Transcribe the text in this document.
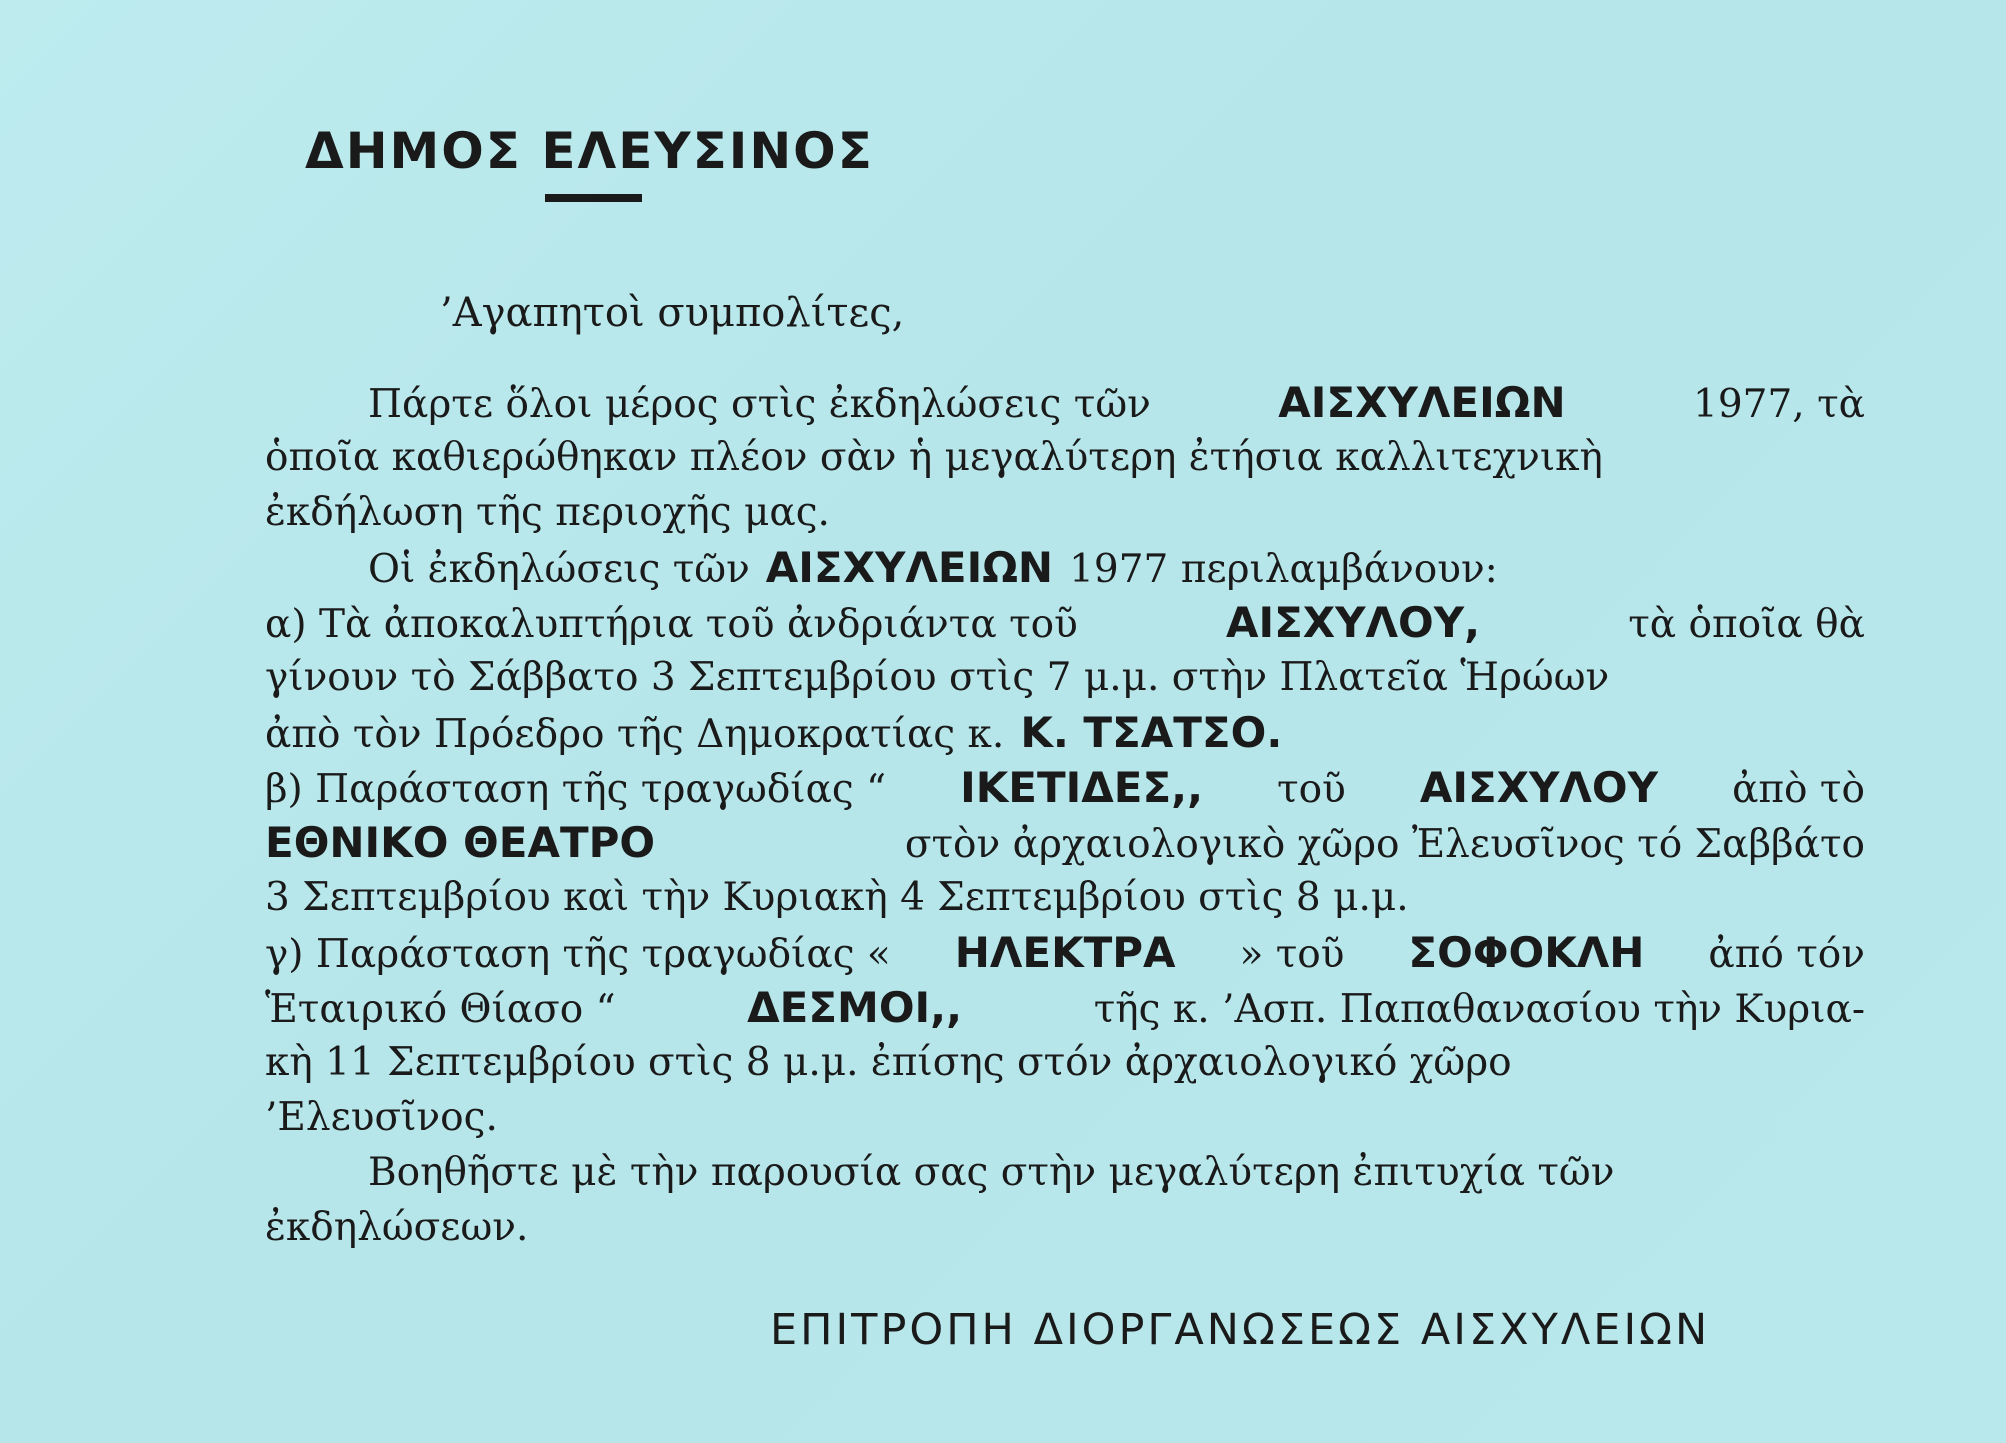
ΔΗΜΟΣ ΕΛΕΥΣΙΝΟΣ
’Αγαπητοὶ συμπολίτες,
Πάρτε ὅλοι μέρος στὶς ἐκδηλώσεις τῶν	ΑΙΣΧΥΛΕΙΩΝ	1977, τὰ
ὁποῖα καθιερώθηκαν πλέον σὰν ἡ μεγαλύτερη ἐτήσια καλλιτεχνικὴ
ἐκδήλωση τῆς περιοχῆς μας.
Οἱ ἐκδηλώσεις τῶν ΑΙΣΧΥΛΕΙΩΝ 1977 περιλαμβάνουν:
α) Τὰ ἀποκαλυπτήρια τοῦ ἀνδριάντα τοῦ	ΑΙΣΧΥΛΟΥ,	τὰ ὁποῖα θὰ
γίνουν τὸ Σάββατο 3 Σεπτεμβρίου στὶς 7 μ.μ. στὴν Πλατεῖα Ἡρώων
ἀπὸ τὸν Πρόεδρο τῆς Δημοκρατίας κ. Κ. ΤΣΑΤΣΟ.
β) Παράσταση τῆς τραγωδίας “ ΙΚΕΤΙΔΕΣ,, τοῦ ΑΙΣΧΥΛΟΥ ἀπὸ τὸ
ΕΘΝΙΚΟ ΘΕΑΤΡΟ	στὸν ἀρχαιολογικὸ χῶρο Ἐλευσῖνος τό Σαββάτο
3 Σεπτεμβρίου καὶ τὴν Κυριακὴ 4 Σεπτεμβρίου στὶς 8 μ.μ.
γ) Παράσταση τῆς τραγωδίας « ΗΛΕΚΤΡΑ » τοῦ ΣΟΦΟΚΛΗ ἀπό τόν
Ἑταιρικό Θίασο “	ΔΕΣΜΟΙ,,	τῆς κ. ’Ασπ. Παπαθανασίου τὴν Κυρια-
κὴ 11 Σεπτεμβρίου στὶς 8 μ.μ. ἐπίσης στόν ἀρχαιολογικό χῶρο
’Ελευσῖνος.
Βοηθῆστε μὲ τὴν παρουσία σας στὴν μεγαλύτερη ἐπιτυχία τῶν
ἐκδηλώσεων.
ΕΠΙΤΡΟΠΗ ΔΙΟΡΓΑΝΩΣΕΩΣ ΑΙΣΧΥΛΕΙΩΝ
